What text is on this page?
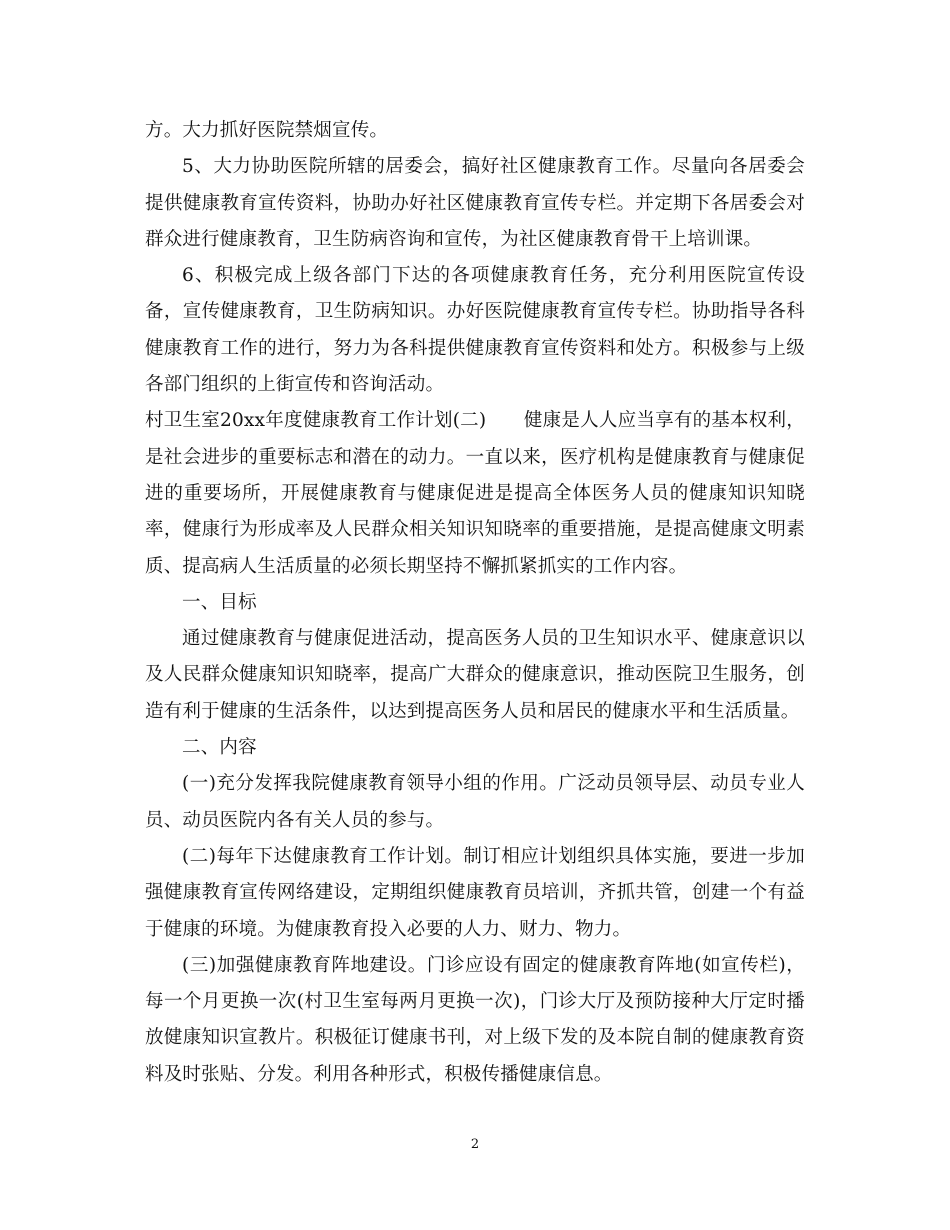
方。大力抓好医院禁烟宣传。

5、大力协助医院所辖的居委会，搞好社区健康教育工作。尽量向各居委会提供健康教育宣传资料，协助办好社区健康教育宣传专栏。并定期下各居委会对群众进行健康教育，卫生防病咨询和宣传，为社区健康教育骨干上培训课。

6、积极完成上级各部门下达的各项健康教育任务，充分利用医院宣传设备，宣传健康教育，卫生防病知识。办好医院健康教育宣传专栏。协助指导各科健康教育工作的进行，努力为各科提供健康教育宣传资料和处方。积极参与上级各部门组织的上街宣传和咨询活动。

村卫生室20xx年度健康教育工作计划(二)　　健康是人人应当享有的基本权利，是社会进步的重要标志和潜在的动力。一直以来，医疗机构是健康教育与健康促进的重要场所，开展健康教育与健康促进是提高全体医务人员的健康知识知晓率，健康行为形成率及人民群众相关知识知晓率的重要措施，是提高健康文明素质、提高病人生活质量的必须长期坚持不懈抓紧抓实的工作内容。

一、目标

通过健康教育与健康促进活动，提高医务人员的卫生知识水平、健康意识以及人民群众健康知识知晓率，提高广大群众的健康意识，推动医院卫生服务，创造有利于健康的生活条件，以达到提高医务人员和居民的健康水平和生活质量。

二、内容

(一)充分发挥我院健康教育领导小组的作用。广泛动员领导层、动员专业人员、动员医院内各有关人员的参与。

(二)每年下达健康教育工作计划。制订相应计划组织具体实施，要进一步加强健康教育宣传网络建设，定期组织健康教育员培训，齐抓共管，创建一个有益于健康的环境。为健康教育投入必要的人力、财力、物力。

(三)加强健康教育阵地建设。门诊应设有固定的健康教育阵地(如宣传栏)，每一个月更换一次(村卫生室每两月更换一次)，门诊大厅及预防接种大厅定时播放健康知识宣教片。积极征订健康书刊，对上级下发的及本院自制的健康教育资料及时张贴、分发。利用各种形式，积极传播健康信息。

2
